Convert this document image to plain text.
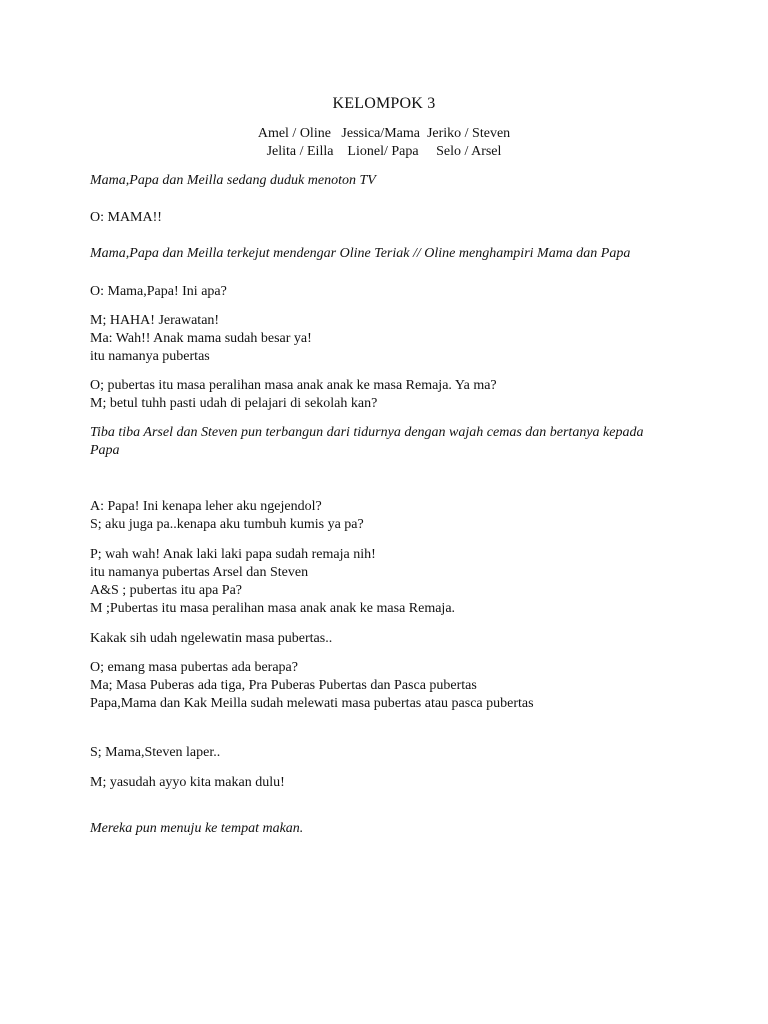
KELOMPOK 3
Amel / Oline   Jessica/Mama  Jeriko / Steven
Jelita / Eilla    Lionel/ Papa     Selo / Arsel
Mama,Papa dan Meilla sedang duduk menoton TV
O: MAMA!!
Mama,Papa dan Meilla terkejut mendengar Oline Teriak // Oline menghampiri Mama dan Papa
O: Mama,Papa! Ini apa?
M; HAHA! Jerawatan!
Ma: Wah!! Anak mama sudah besar ya!
itu namanya pubertas
O; pubertas itu masa peralihan masa anak anak ke masa Remaja. Ya ma?
M; betul tuhh pasti udah di pelajari di sekolah kan?
Tiba tiba Arsel dan Steven pun terbangun dari tidurnya dengan wajah cemas dan bertanya kepada
Papa
A: Papa! Ini kenapa leher aku ngejendol?
S; aku juga pa..kenapa aku tumbuh kumis ya pa?
P; wah wah! Anak laki laki papa sudah remaja nih!
itu namanya pubertas Arsel dan Steven
A&S ; pubertas itu apa Pa?
M ;Pubertas itu masa peralihan masa anak anak ke masa Remaja.
Kakak sih udah ngelewatin masa pubertas..
O; emang masa pubertas ada berapa?
Ma; Masa Puberas ada tiga, Pra Puberas Pubertas dan Pasca pubertas
Papa,Mama dan Kak Meilla sudah melewati masa pubertas atau pasca pubertas
S; Mama,Steven laper..
M; yasudah ayyo kita makan dulu!
Mereka pun menuju ke tempat makan.
